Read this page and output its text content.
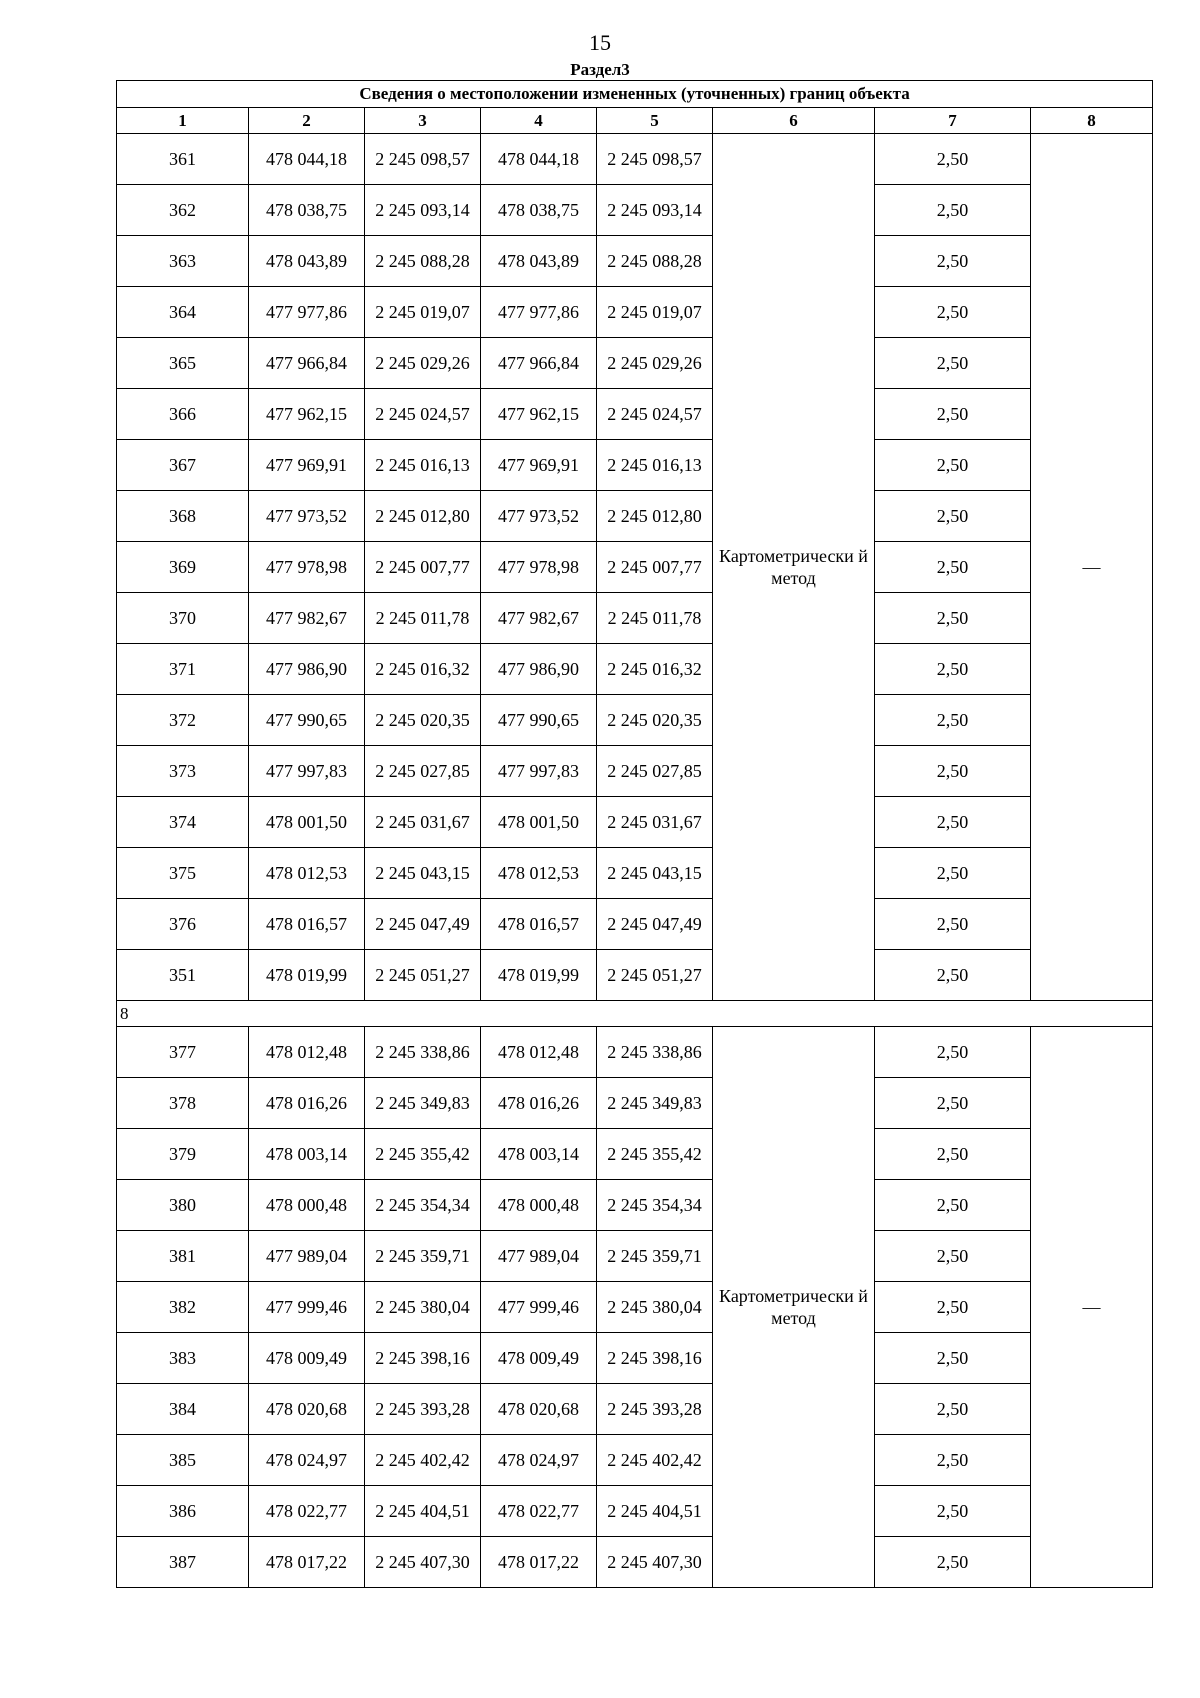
15
Раздел3
Сведения о местоположении измененных (уточненных) границ объекта							
1	2	3	4	5	6	7	8
361	478 044,18	2 245 098,57	478 044,18	2 245 098,57	Картометрически й метод	2,50	—
362	478 038,75	2 245 093,14	478 038,75	2 245 093,14		2,50	
363	478 043,89	2 245 088,28	478 043,89	2 245 088,28		2,50	
364	477 977,86	2 245 019,07	477 977,86	2 245 019,07		2,50	
365	477 966,84	2 245 029,26	477 966,84	2 245 029,26		2,50	
366	477 962,15	2 245 024,57	477 962,15	2 245 024,57		2,50	
367	477 969,91	2 245 016,13	477 969,91	2 245 016,13		2,50	
368	477 973,52	2 245 012,80	477 973,52	2 245 012,80		2,50	
369	477 978,98	2 245 007,77	477 978,98	2 245 007,77		2,50	
370	477 982,67	2 245 011,78	477 982,67	2 245 011,78		2,50	
371	477 986,90	2 245 016,32	477 986,90	2 245 016,32		2,50	
372	477 990,65	2 245 020,35	477 990,65	2 245 020,35		2,50	
373	477 997,83	2 245 027,85	477 997,83	2 245 027,85		2,50	
374	478 001,50	2 245 031,67	478 001,50	2 245 031,67		2,50	
375	478 012,53	2 245 043,15	478 012,53	2 245 043,15		2,50	
376	478 016,57	2 245 047,49	478 016,57	2 245 047,49		2,50	
351	478 019,99	2 245 051,27	478 019,99	2 245 051,27		2,50	
8							
377	478 012,48	2 245 338,86	478 012,48	2 245 338,86	Картометрически й метод	2,50	—
378	478 016,26	2 245 349,83	478 016,26	2 245 349,83		2,50	
379	478 003,14	2 245 355,42	478 003,14	2 245 355,42		2,50	
380	478 000,48	2 245 354,34	478 000,48	2 245 354,34		2,50	
381	477 989,04	2 245 359,71	477 989,04	2 245 359,71		2,50	
382	477 999,46	2 245 380,04	477 999,46	2 245 380,04		2,50	
383	478 009,49	2 245 398,16	478 009,49	2 245 398,16		2,50	
384	478 020,68	2 245 393,28	478 020,68	2 245 393,28		2,50	
385	478 024,97	2 245 402,42	478 024,97	2 245 402,42		2,50	
386	478 022,77	2 245 404,51	478 022,77	2 245 404,51		2,50	
387	478 017,22	2 245 407,30	478 017,22	2 245 407,30		2,50	
